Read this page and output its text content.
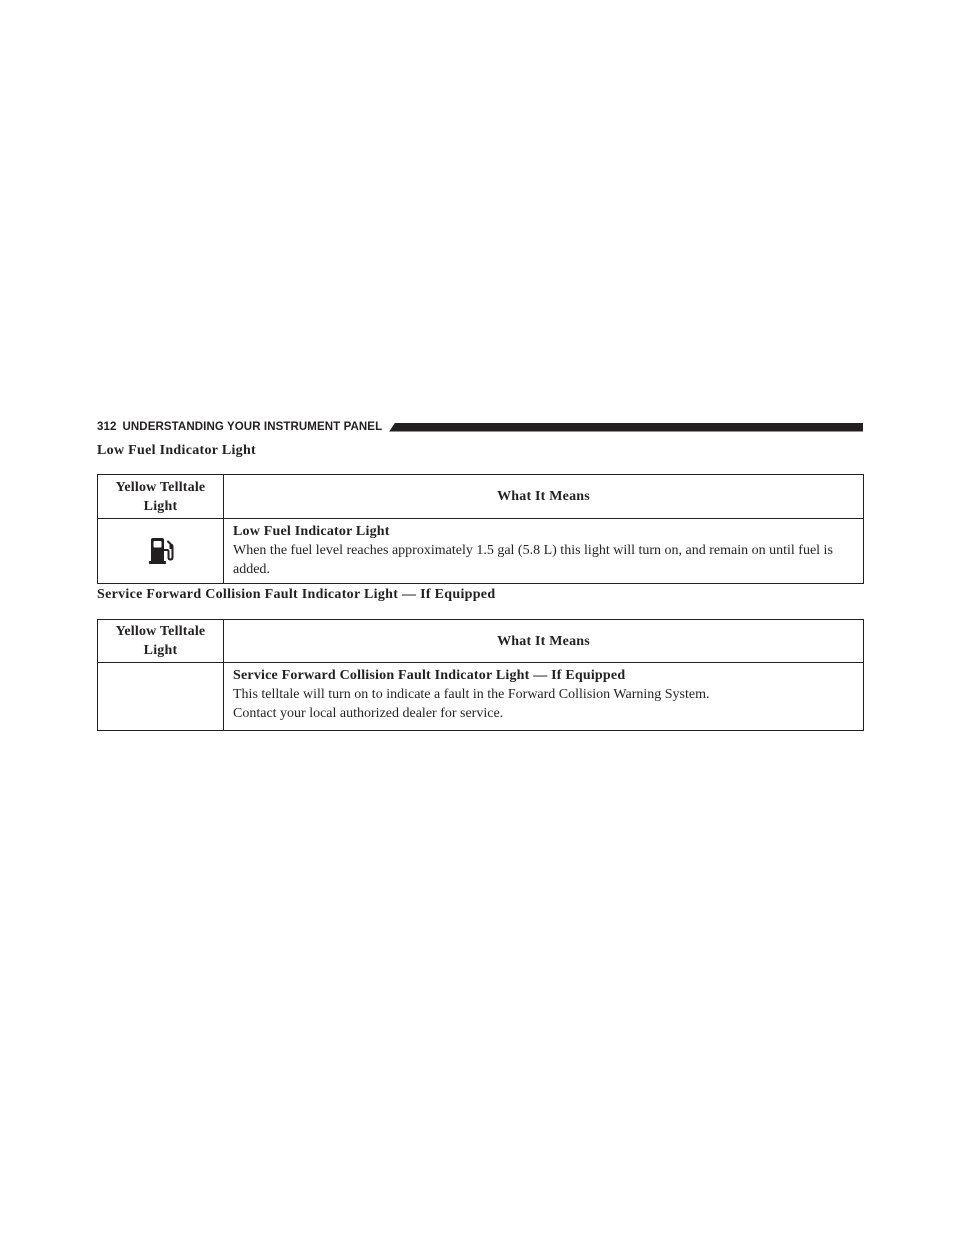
312 UNDERSTANDING YOUR INSTRUMENT PANEL
Low Fuel Indicator Light
Yellow Telltale
Light	What It Means

Low Fuel Indicator Light
When the fuel level reaches approximately 1.5 gal (5.8 L) this light will turn on, and remain on until fuel is added.
Service Forward Collision Fault Indicator Light — If Equipped
Yellow Telltale
Light	What It Means

	Service Forward Collision Fault Indicator Light — If Equipped
This telltale will turn on to indicate a fault in the Forward Collision Warning System.
Contact your local authorized dealer for service.
